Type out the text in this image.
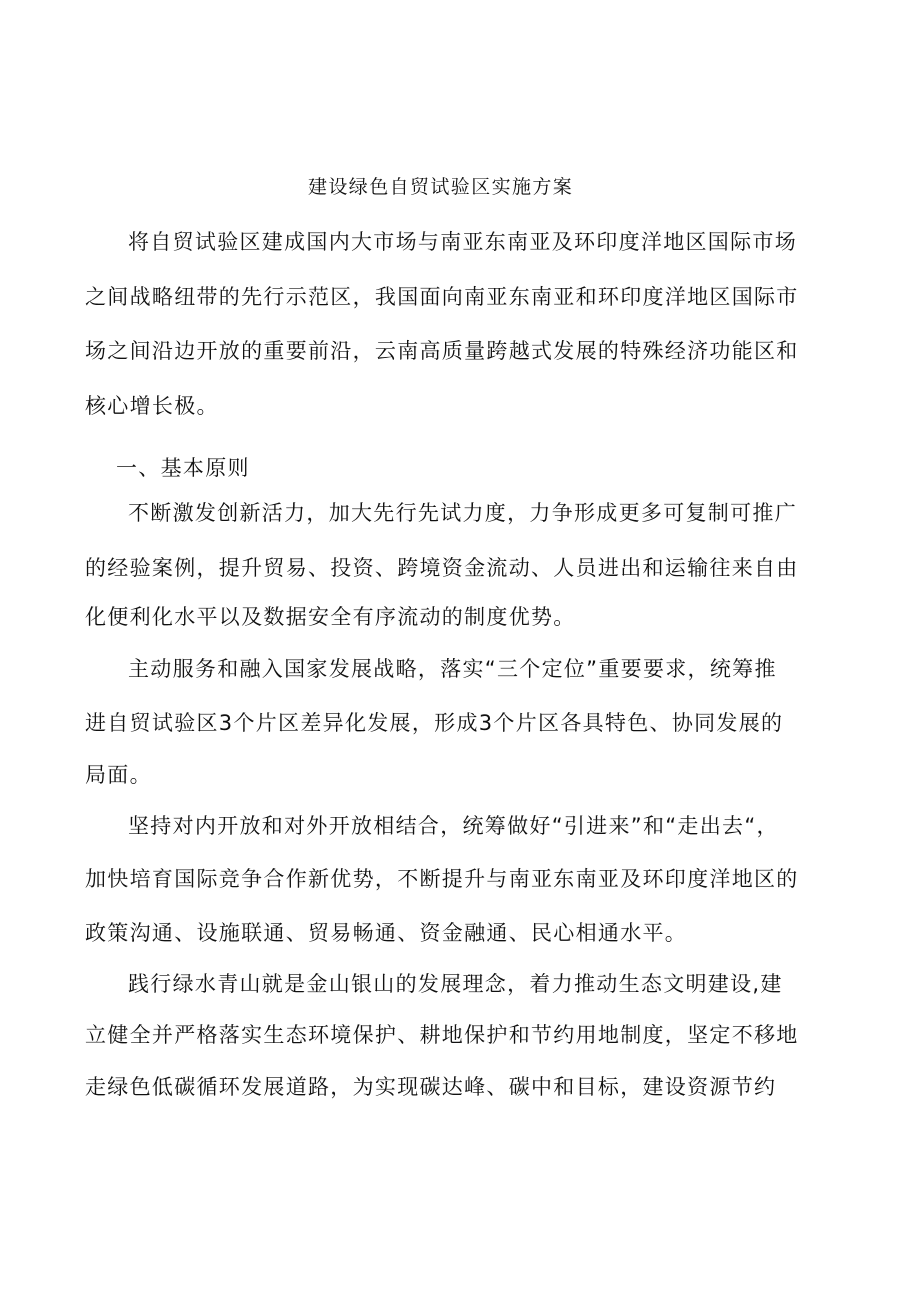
建设绿色自贸试验区实施方案
将自贸试验区建成国内大市场与南亚东南亚及环印度洋地区国际市场
之间战略纽带的先行示范区，我国面向南亚东南亚和环印度洋地区国际市
场之间沿边开放的重要前沿，云南高质量跨越式发展的特殊经济功能区和
核心增长极。
一、基本原则
不断激发创新活力，加大先行先试力度，力争形成更多可复制可推广
的经验案例，提升贸易、投资、跨境资金流动、人员进出和运输往来自由
化便利化水平以及数据安全有序流动的制度优势。
主动服务和融入国家发展战略，落实“三个定位”重要要求，统筹推
进自贸试验区3个片区差异化发展，形成3个片区各具特色、协同发展的
局面。
坚持对内开放和对外开放相结合，统筹做好“引进来”和“走出去“，
加快培育国际竞争合作新优势，不断提升与南亚东南亚及环印度洋地区的
政策沟通、设施联通、贸易畅通、资金融通、民心相通水平。
践行绿水青山就是金山银山的发展理念，着力推动生态文明建设,建
立健全并严格落实生态环境保护、耕地保护和节约用地制度，坚定不移地
走绿色低碳循环发展道路，为实现碳达峰、碳中和目标，建设资源节约
